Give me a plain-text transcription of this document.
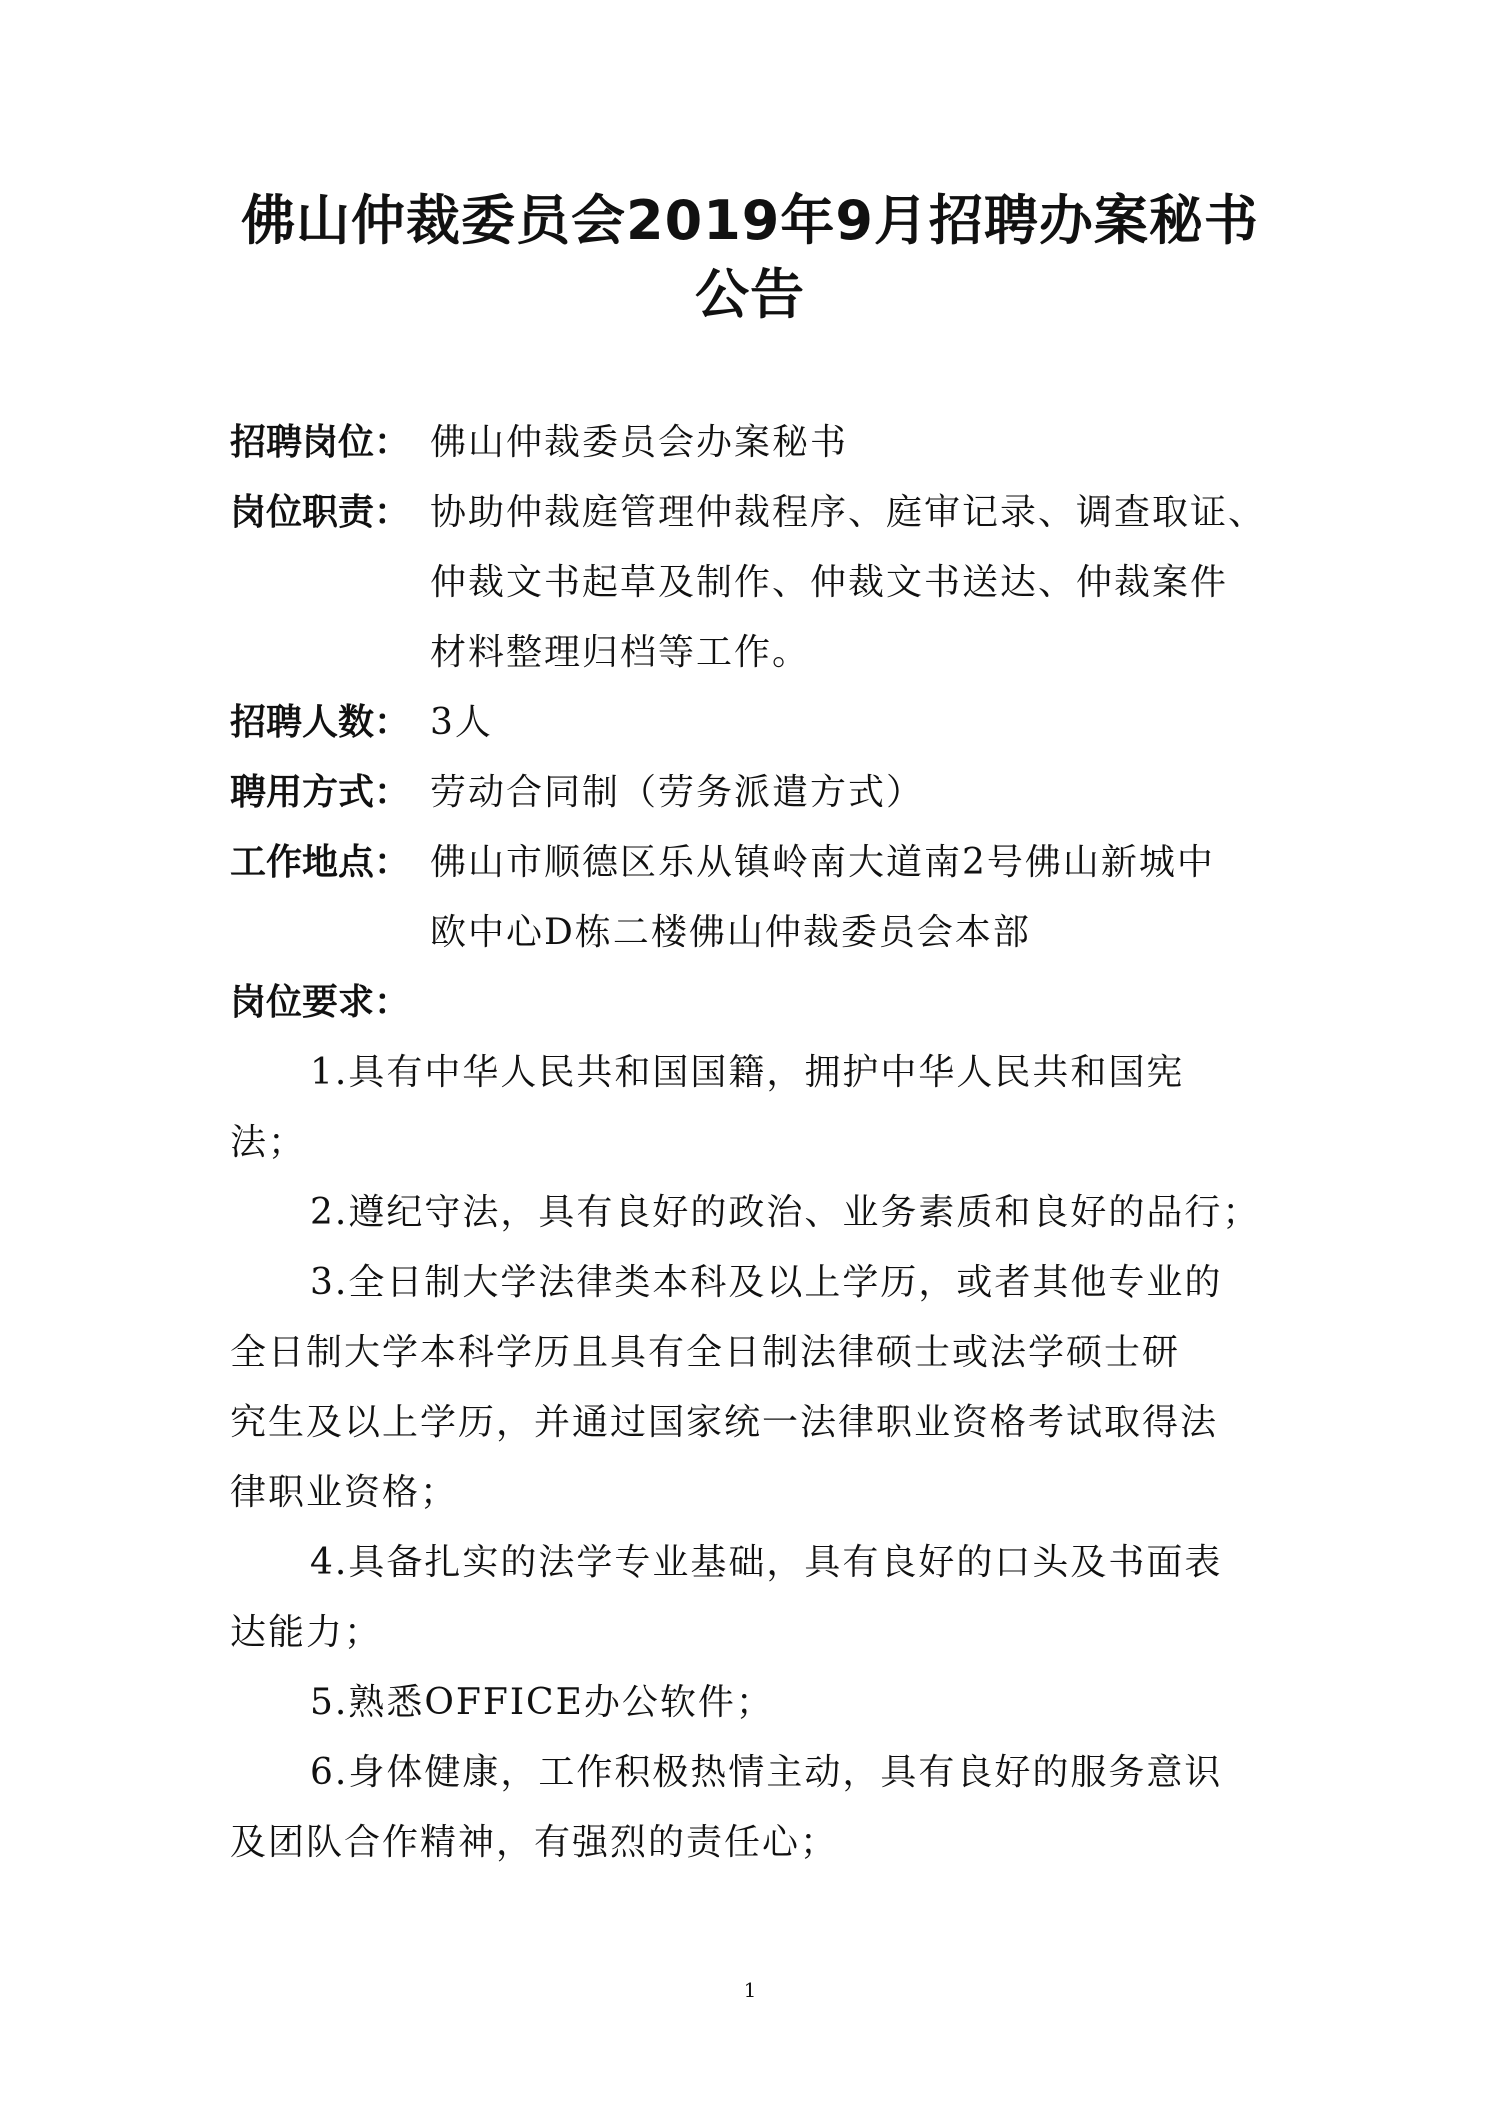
佛山仲裁委员会2019年9月招聘办案秘书
公告
招聘岗位： 佛山仲裁委员会办案秘书
岗位职责： 协助仲裁庭管理仲裁程序、庭审记录、调查取证、
仲裁文书起草及制作、仲裁文书送达、仲裁案件
材料整理归档等工作。
招聘人数： 3人
聘用方式： 劳动合同制（劳务派遣方式）
工作地点： 佛山市顺德区乐从镇岭南大道南2号佛山新城中
欧中心D栋二楼佛山仲裁委员会本部
岗位要求：
1.具有中华人民共和国国籍，拥护中华人民共和国宪
法；
2.遵纪守法，具有良好的政治、业务素质和良好的品行；
3.全日制大学法律类本科及以上学历，或者其他专业的
全日制大学本科学历且具有全日制法律硕士或法学硕士研
究生及以上学历，并通过国家统一法律职业资格考试取得法
律职业资格；
4.具备扎实的法学专业基础，具有良好的口头及书面表
达能力；
5.熟悉OFFICE办公软件；
6.身体健康，工作积极热情主动，具有良好的服务意识
及团队合作精神，有强烈的责任心；
1
